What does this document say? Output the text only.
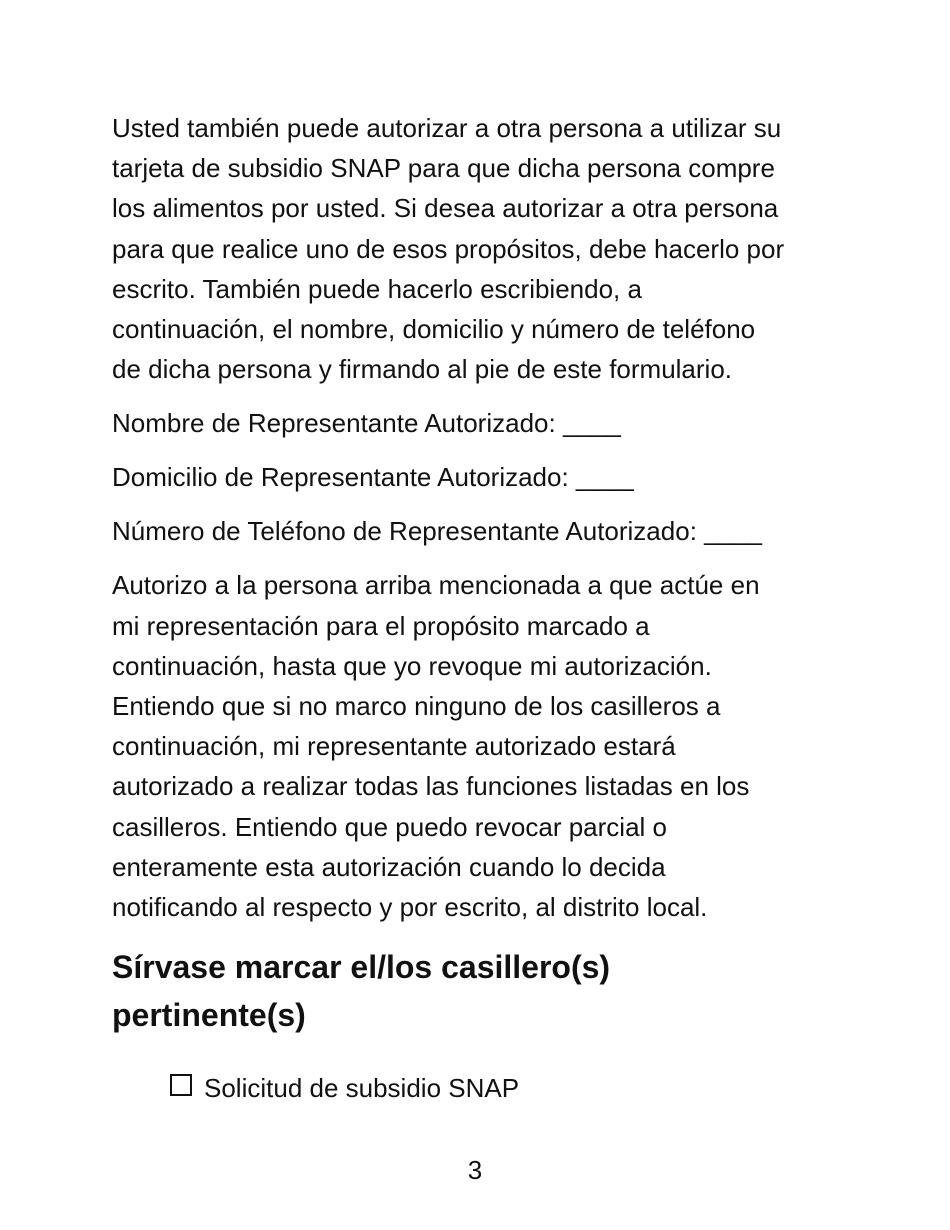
Usted también puede autorizar a otra persona a utilizar su
tarjeta de subsidio SNAP para que dicha persona compre
los alimentos por usted. Si desea autorizar a otra persona
para que realice uno de esos propósitos, debe hacerlo por
escrito. También puede hacerlo escribiendo, a
continuación, el nombre, domicilio y número de teléfono
de dicha persona y firmando al pie de este formulario.

Nombre de Representante Autorizado: ____

Domicilio de Representante Autorizado: ____

Número de Teléfono de Representante Autorizado: ____

Autorizo a la persona arriba mencionada a que actúe en
mi representación para el propósito marcado a
continuación, hasta que yo revoque mi autorización.
Entiendo que si no marco ninguno de los casilleros a
continuación, mi representante autorizado estará
autorizado a realizar todas las funciones listadas en los
casilleros. Entiendo que puedo revocar parcial o
enteramente esta autorización cuando lo decida
notificando al respecto y por escrito, al distrito local.

Sírvase marcar el/los casillero(s)
pertinente(s)
Solicitud de subsidio SNAP
3
